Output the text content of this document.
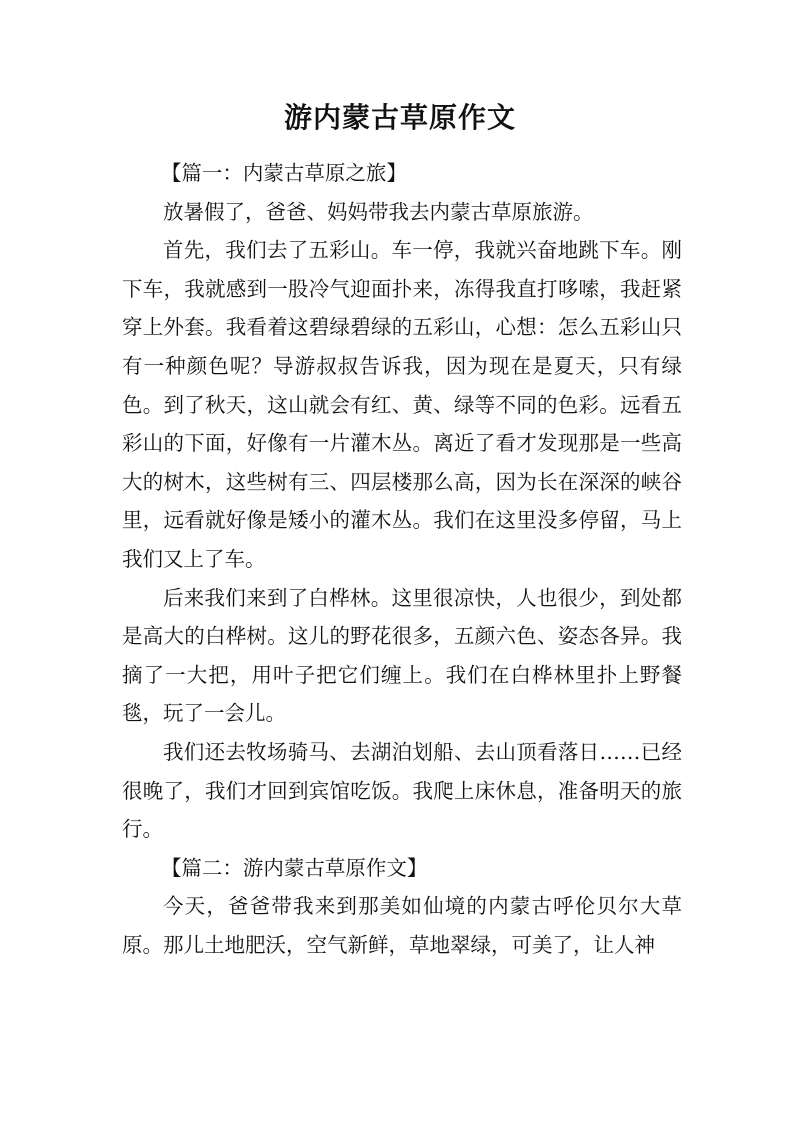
游内蒙古草原作文

【篇一：内蒙古草原之旅】

放暑假了，爸爸、妈妈带我去内蒙古草原旅游。

首先，我们去了五彩山。车一停，我就兴奋地跳下车。刚下车，我就感到一股冷气迎面扑来，冻得我直打哆嗦，我赶紧穿上外套。我看着这碧绿碧绿的五彩山，心想：怎么五彩山只有一种颜色呢？导游叔叔告诉我，因为现在是夏天，只有绿色。到了秋天，这山就会有红、黄、绿等不同的色彩。远看五彩山的下面，好像有一片灌木丛。离近了看才发现那是一些高大的树木，这些树有三、四层楼那么高，因为长在深深的峡谷里，远看就好像是矮小的灌木丛。我们在这里没多停留，马上我们又上了车。

后来我们来到了白桦林。这里很凉快，人也很少，到处都是高大的白桦树。这儿的野花很多，五颜六色、姿态各异。我摘了一大把，用叶子把它们缠上。我们在白桦林里扑上野餐毯，玩了一会儿。

我们还去牧场骑马、去湖泊划船、去山顶看落日……已经很晚了，我们才回到宾馆吃饭。我爬上床休息，准备明天的旅行。

【篇二：游内蒙古草原作文】

今天，爸爸带我来到那美如仙境的内蒙古呼伦贝尔大草原。那儿土地肥沃，空气新鲜，草地翠绿，可美了，让人神
